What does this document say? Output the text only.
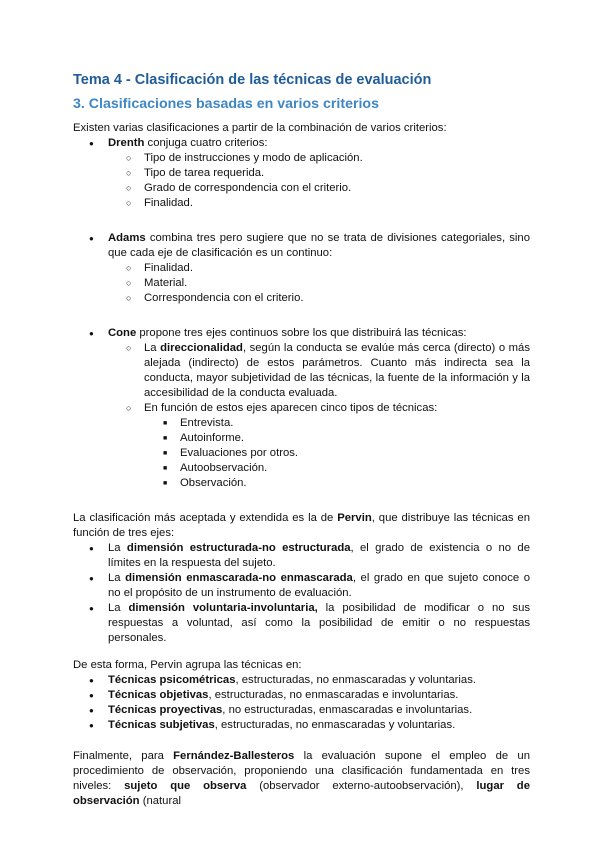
Tema 4 - Clasificación de las técnicas de evaluación
3. Clasificaciones basadas en varios criterios

Existen varias clasificaciones a partir de la combinación de varios criterios:

● Drenth conjuga cuatro criterios:
○ Tipo de instrucciones y modo de aplicación.
○ Tipo de tarea requerida.
○ Grado de correspondencia con el criterio.
○ Finalidad.
● Adams combina tres pero sugiere que no se trata de divisiones categoriales, sino que cada eje de clasificación es un continuo:
○ Finalidad.
○ Material.
○ Correspondencia con el criterio.
● Cone propone tres ejes continuos sobre los que distribuirá las técnicas:
○ La direccionalidad, según la conducta se evalúe más cerca (directo) o más alejada (indirecto) de estos parámetros. Cuanto más indirecta sea la conducta, mayor subjetividad de las técnicas, la fuente de la información y la accesibilidad de la conducta evaluada.
○ En función de estos ejes aparecen cinco tipos de técnicas:
■ Entrevista.
■ Autoinforme.
■ Evaluaciones por otros.
■ Autoobservación.
■ Observación.

La clasificación más aceptada y extendida es la de Pervin, que distribuye las técnicas en función de tres ejes:

● La dimensión estructurada-no estructurada, el grado de existencia o no de límites en la respuesta del sujeto.
● La dimensión enmascarada-no enmascarada, el grado en que sujeto conoce o no el propósito de un instrumento de evaluación.
● La dimensión voluntaria-involuntaria, la posibilidad de modificar o no sus respuestas a voluntad, así como la posibilidad de emitir o no respuestas personales.

De esta forma, Pervin agrupa las técnicas en:

● Técnicas psicométricas, estructuradas, no enmascaradas y voluntarias.
● Técnicas objetivas, estructuradas, no enmascaradas e involuntarias.
● Técnicas proyectivas, no estructuradas, enmascaradas e involuntarias.
● Técnicas subjetivas, estructuradas, no enmascaradas y voluntarias.

Finalmente, para Fernández-Ballesteros la evaluación supone el empleo de un procedimiento de observación, proponiendo una clasificación fundamentada en tres niveles: sujeto que observa (observador externo-autoobservación), lugar de observación (natural
